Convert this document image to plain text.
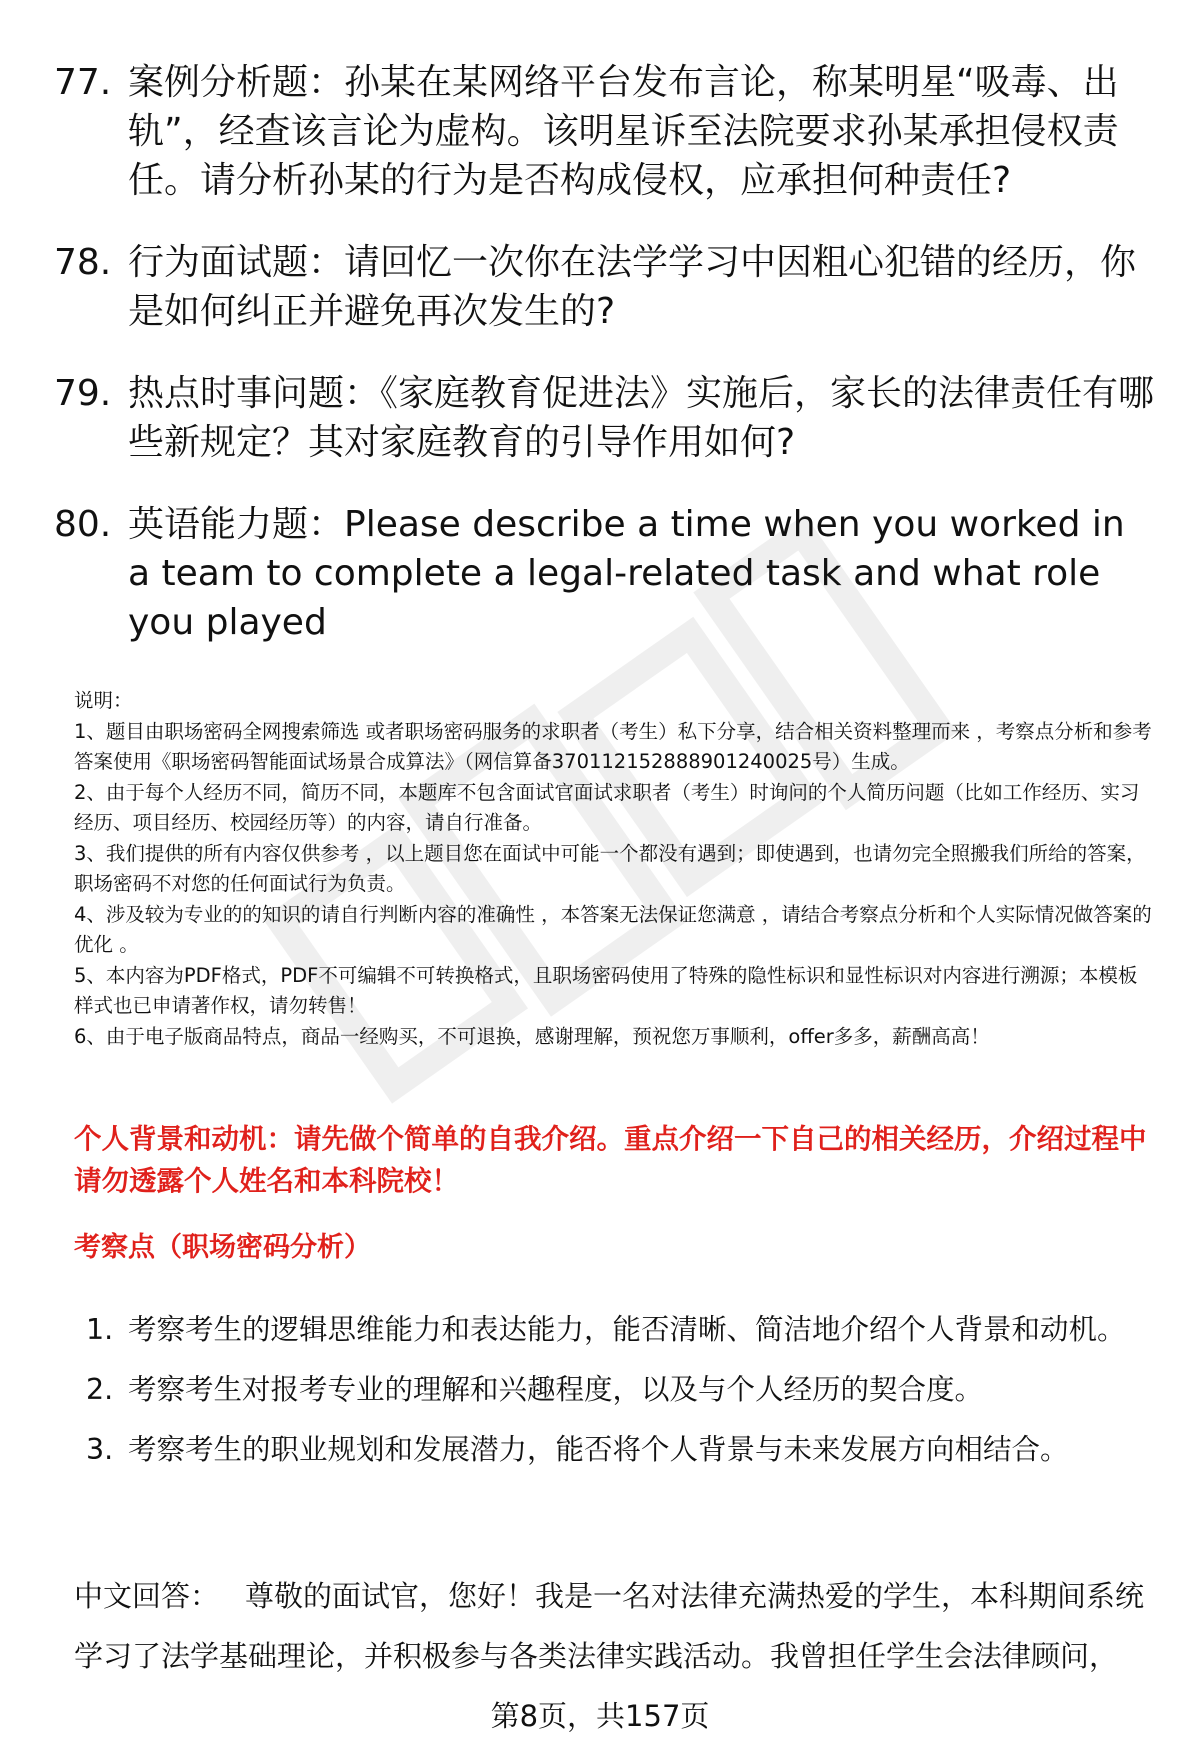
77. 案例分析题：孙某在某网络平台发布言论，称某明星“吸毒、出轨”，经查该言论为虚构。该明星诉至法院要求孙某承担侵权责任。请分析孙某的行为是否构成侵权，应承担何种责任?
78. 行为面试题：请回忆一次你在法学学习中因粗心犯错的经历，你是如何纠正并避免再次发生的?
79. 热点时事问题：《家庭教育促进法》实施后，家长的法律责任有哪些新规定？其对家庭教育的引导作用如何?
80. 英语能力题：Please describe a time when you worked in a team to complete a legal-related task and what role you played

说明：

1、题目由职场密码全网搜索筛选 或者职场密码服务的求职者（考生）私下分享，结合相关资料整理而来 ，考察点分析和参考答案使用《职场密码智能面试场景合成算法》（网信算备370112152888901240025号）生成。

2、由于每个人经历不同，简历不同，本题库不包含面试官面试求职者（考生）时询问的个人简历问题（比如工作经历、实习经历、项目经历、校园经历等）的内容，请自行准备。

3、我们提供的所有内容仅供参考 ，以上题目您在面试中可能一个都没有遇到；即使遇到，也请勿完全照搬我们所给的答案，职场密码不对您的任何面试行为负责。

4、涉及较为专业的的知识的请自行判断内容的准确性 ，本答案无法保证您满意 ，请结合考察点分析和个人实际情况做答案的优化 。

5、本内容为PDF格式，PDF不可编辑不可转换格式，且职场密码使用了特殊的隐性标识和显性标识对内容进行溯源；本模板样式也已申请著作权，请勿转售！

6、由于电子版商品特点，商品一经购买，不可退换，感谢理解，预祝您万事顺利，offer多多，薪酬高高！

个人背景和动机：请先做个简单的自我介绍。重点介绍一下自己的相关经历，介绍过程中请勿透露个人姓名和本科院校！
考察点（职场密码分析）
1. 考察考生的逻辑思维能力和表达能力，能否清晰、简洁地介绍个人背景和动机。
2. 考察考生对报考专业的理解和兴趣程度，以及与个人经历的契合度。
3. 考察考生的职业规划和发展潜力，能否将个人背景与未来发展方向相结合。
中文回答： 尊敬的面试官，您好！我是一名对法律充满热爱的学生，本科期间系统学习了法学基础理论，并积极参与各类法律实践活动。我曾担任学生会法律顾问，
第8页，共157页
